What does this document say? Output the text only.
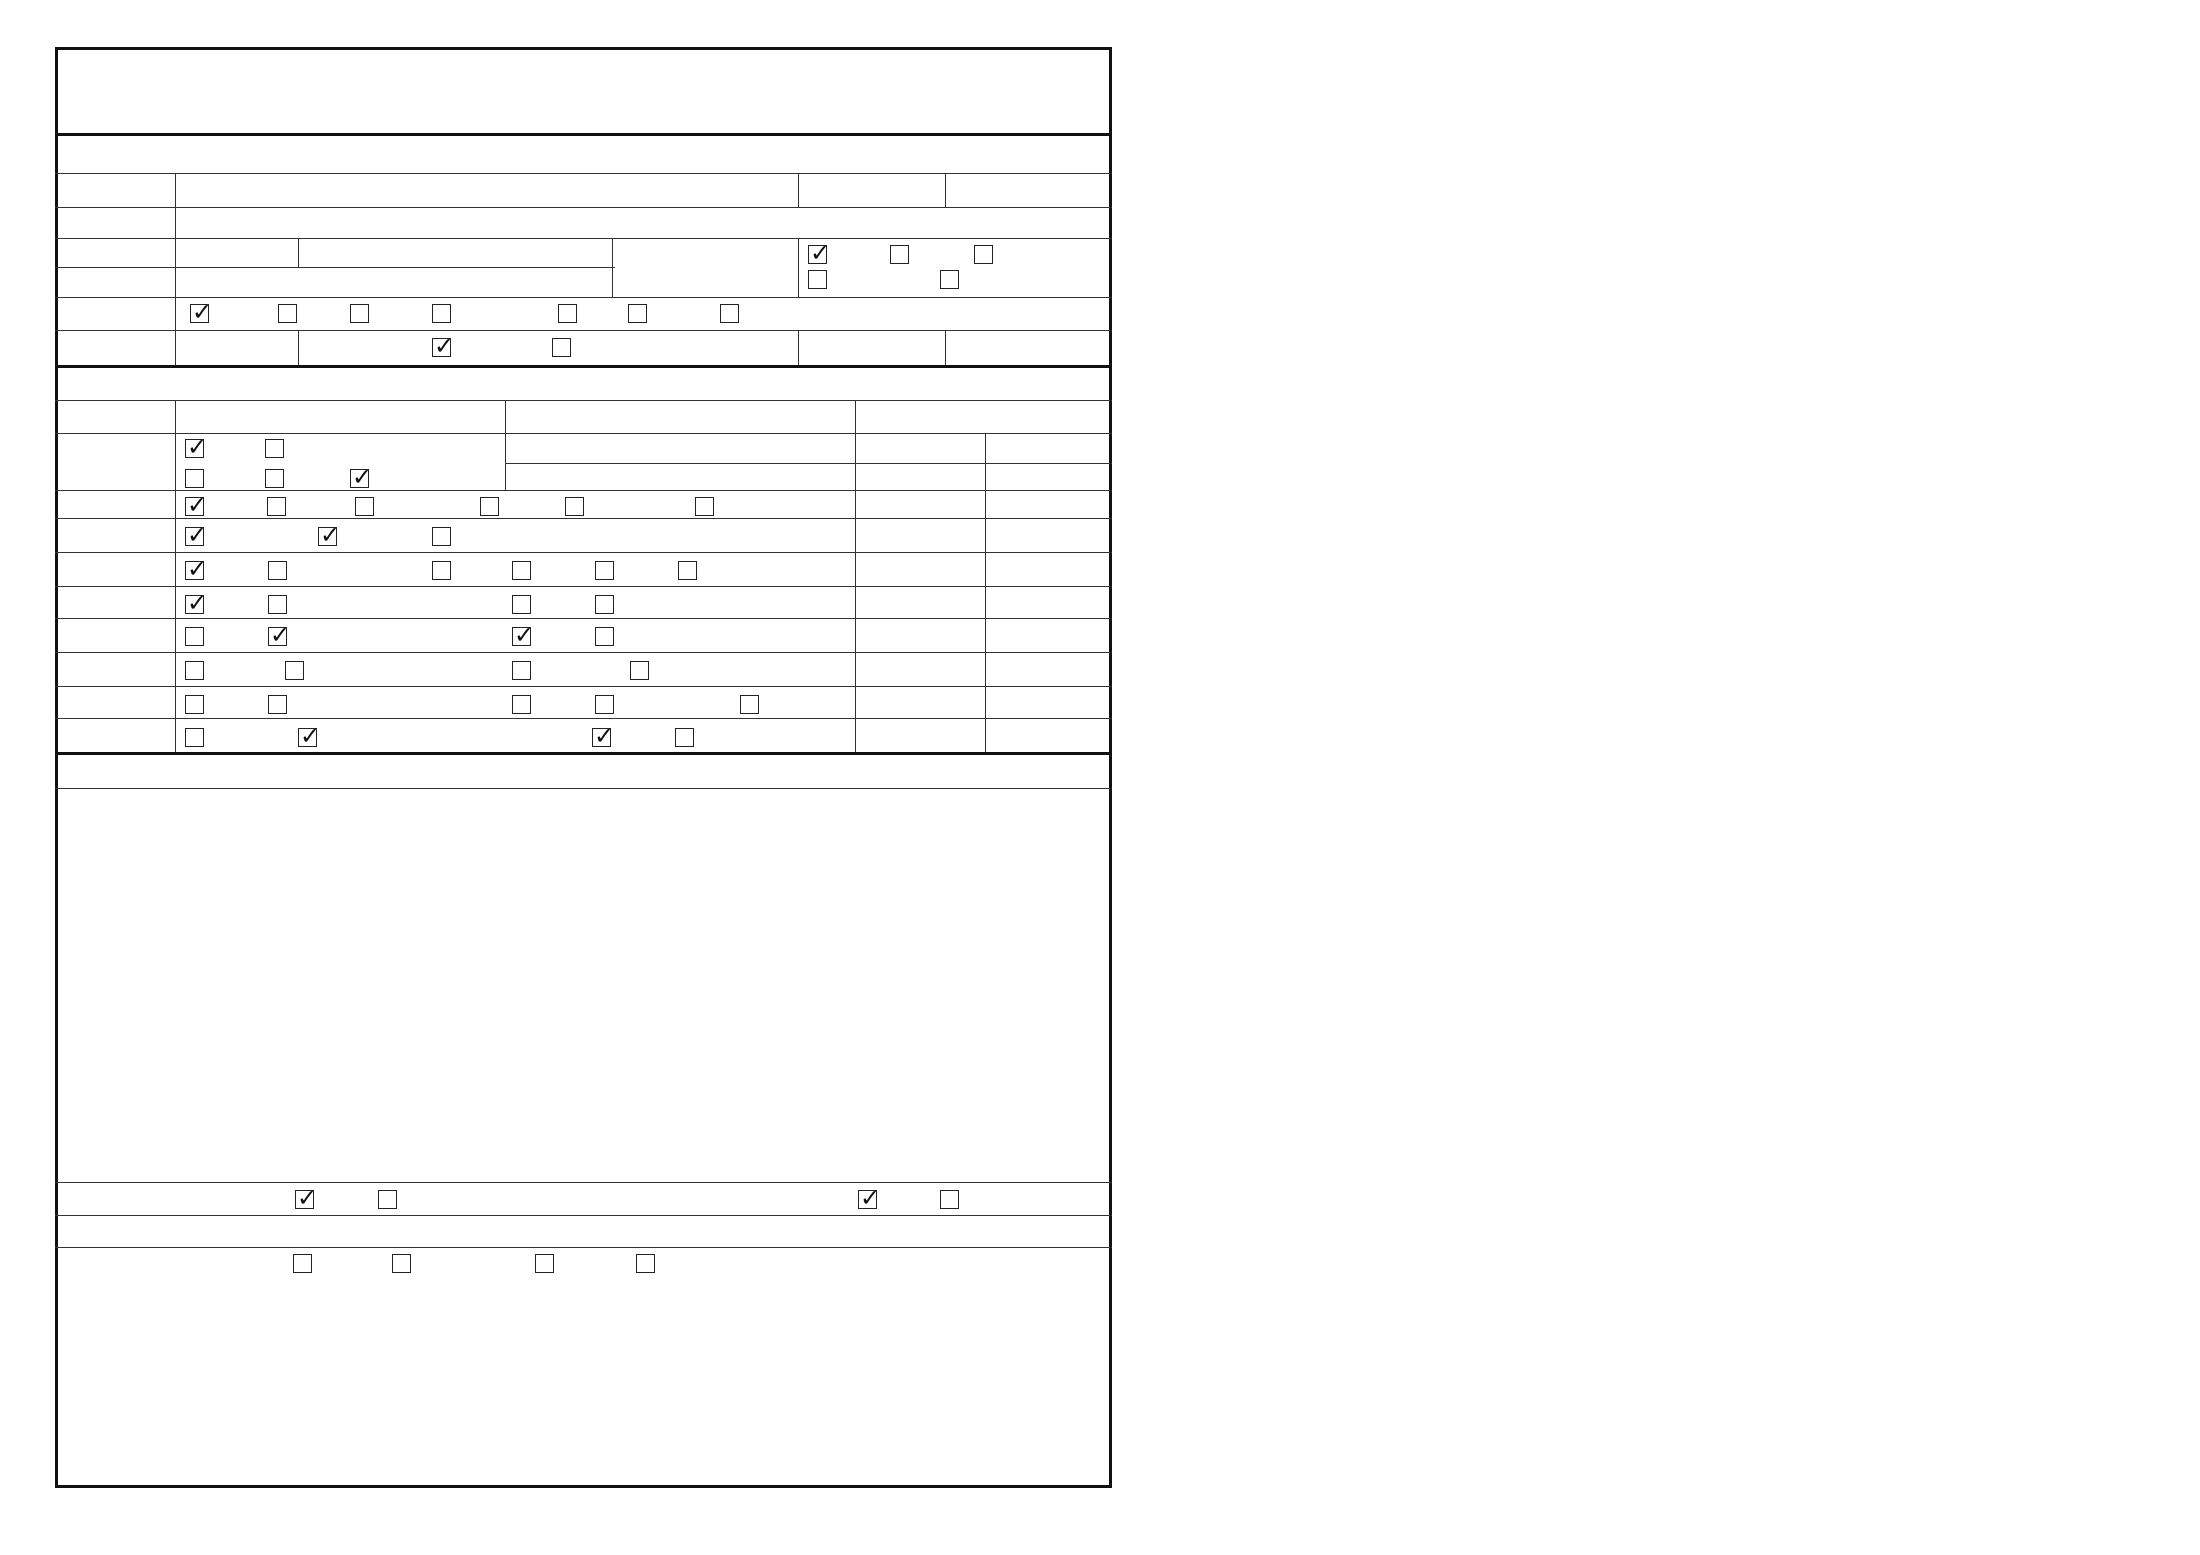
✓
✓
✓
✓
✓
✓
✓
✓
✓
✓
✓
✓
✓
✓
✓
✓
